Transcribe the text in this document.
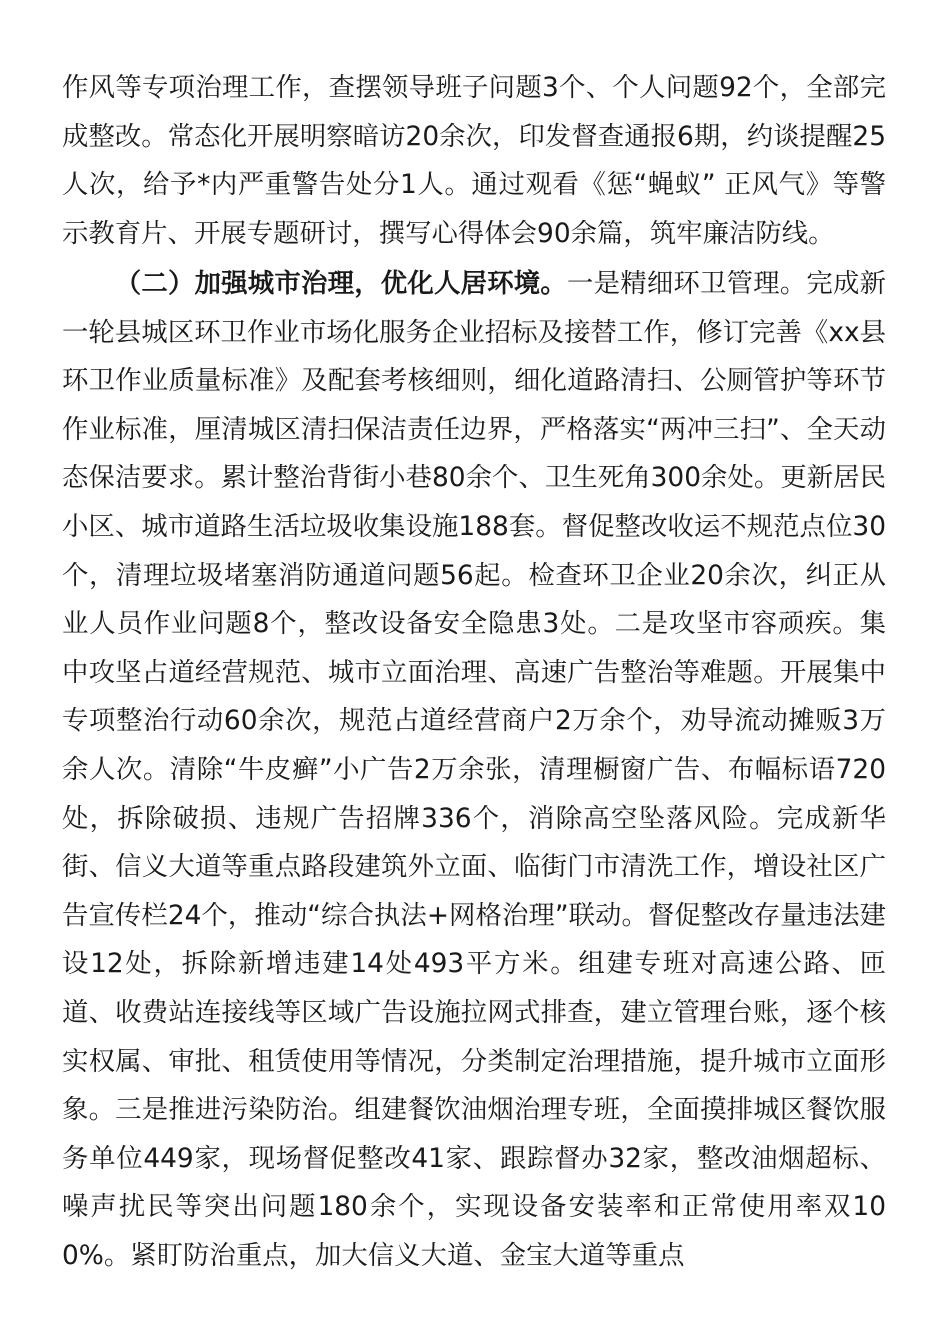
作风等专项治理工作，查摆领导班子问题3个、个人问题92个，全部完成整改。常态化开展明察暗访20余次，印发督查通报6期，约谈提醒25人次，给予*内严重警告处分1人。通过观看《惩“蝇蚁” 正风气》等警示教育片、开展专题研讨，撰写心得体会90余篇，筑牢廉洁防线。

（二）加强城市治理，优化人居环境。一是精细环卫管理。完成新一轮县城区环卫作业市场化服务企业招标及接替工作，修订完善《xx县环卫作业质量标准》及配套考核细则，细化道路清扫、公厕管护等环节作业标准，厘清城区清扫保洁责任边界，严格落实“两冲三扫”、全天动态保洁要求。累计整治背街小巷80余个、卫生死角300余处。更新居民小区、城市道路生活垃圾收集设施188套。督促整改收运不规范点位30个，清理垃圾堵塞消防通道问题56起。检查环卫企业20余次，纠正从业人员作业问题8个，整改设备安全隐患3处。二是攻坚市容顽疾。集中攻坚占道经营规范、城市立面治理、高速广告整治等难题。开展集中专项整治行动60余次，规范占道经营商户2万余个，劝导流动摊贩3万余人次。清除“牛皮癣”小广告2万余张，清理橱窗广告、布幅标语720处，拆除破损、违规广告招牌336个，消除高空坠落风险。完成新华街、信义大道等重点路段建筑外立面、临街门市清洗工作，增设社区广告宣传栏24个，推动“综合执法+网格治理”联动。督促整改存量违法建设12处，拆除新增违建14处493平方米。组建专班对高速公路、匝道、收费站连接线等区域广告设施拉网式排查，建立管理台账，逐个核实权属、审批、租赁使用等情况，分类制定治理措施，提升城市立面形象。三是推进污染防治。组建餐饮油烟治理专班，全面摸排城区餐饮服务单位449家，现场督促整改41家、跟踪督办32家，整改油烟超标、噪声扰民等突出问题180余个，实现设备安装率和正常使用率双100%。紧盯防治重点，加大信义大道、金宝大道等重点
